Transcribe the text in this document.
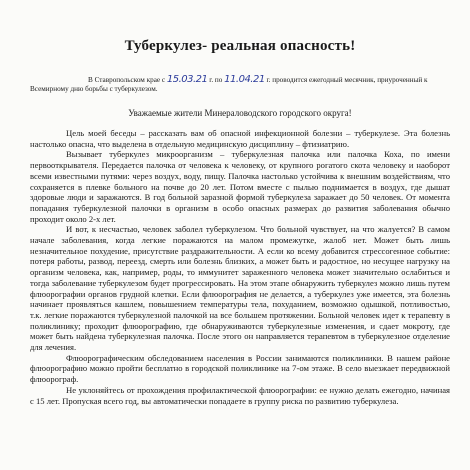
Туберкулез- реальная опасность!

В Ставропольском крае с 15.03.21 г. по 11.04.21 г. проводится ежегодный месячник, приуроченный к Всемирному дню борьбы с туберкулезом.

Уважаемые жители Минераловодского городского округа!

Цель моей беседы – рассказать вам об опасной инфекционной болезни – туберкулезе. Эта болезнь настолько опасна, что выделена в отдельную медицинскую дисциплину – фтизиатрию.

Вызывает туберкулез микроорганизм – туберкулезная палочка или палочка Коха, по имени первооткрывателя. Передается палочка от человека к человеку, от крупного рогатого скота человеку и наоборот всеми известными путями: через воздух, воду, пищу. Палочка настолько устойчива к внешним воздействиям, что сохраняется в плевке больного на почве до 20 лет. Потом вместе с пылью поднимается в воздух, где дышат здоровые люди и заражаются. В год больной заразной формой туберкулеза заражает до 50 человек. От момента попадания туберкулезной палочки в организм в особо опасных размерах до развития заболевания обычно проходит около 2-х лет.

И вот, к несчастью, человек заболел туберкулезом. Что больной чувствует, на что жалуется? В самом начале заболевания, когда легкие поражаются на малом промежутке, жалоб нет. Может быть лишь незначительное похудение, присутствие раздражительности. А если ко всему добавится стрессогенное событие: потеря работы, развод, переезд, смерть или болезнь близких, а может быть и радостное, но несущее нагрузку на организм человека, как, например, роды, то иммунитет зараженного человека может значительно ослабиться и тогда заболевание туберкулезом будет прогрессировать. На этом этапе обнаружить туберкулез можно лишь путем флюорографии органов грудной клетки. Если флюорография не делается, а туберкулез уже имеется, эта болезнь начинает проявляться кашлем, повышением температуры тела, похуданием, возможно одышкой, потливостью, т.к. легкие поражаются туберкулезной палочкой на все большем протяжении. Больной человек идет к терапевту в поликлинику; проходит флюорографию, где обнаруживаются туберкулезные изменения, и сдает мокроту, где может быть найдена туберкулезная палочка. После этого он направляется терапевтом в туберкулезное отделение для лечения.

Флюорографическим обследованием населения в России занимаются поликлиники. В нашем районе флюорографию можно пройти бесплатно в городской поликлинике на 7-ом этаже. В село выезжает передвижной флюорограф.

Не уклоняйтесь от прохождения профилактической флюорографии: ее нужно делать ежегодно, начиная с 15 лет. Пропуская всего год, вы автоматически попадаете в группу риска по развитию туберкулеза.
